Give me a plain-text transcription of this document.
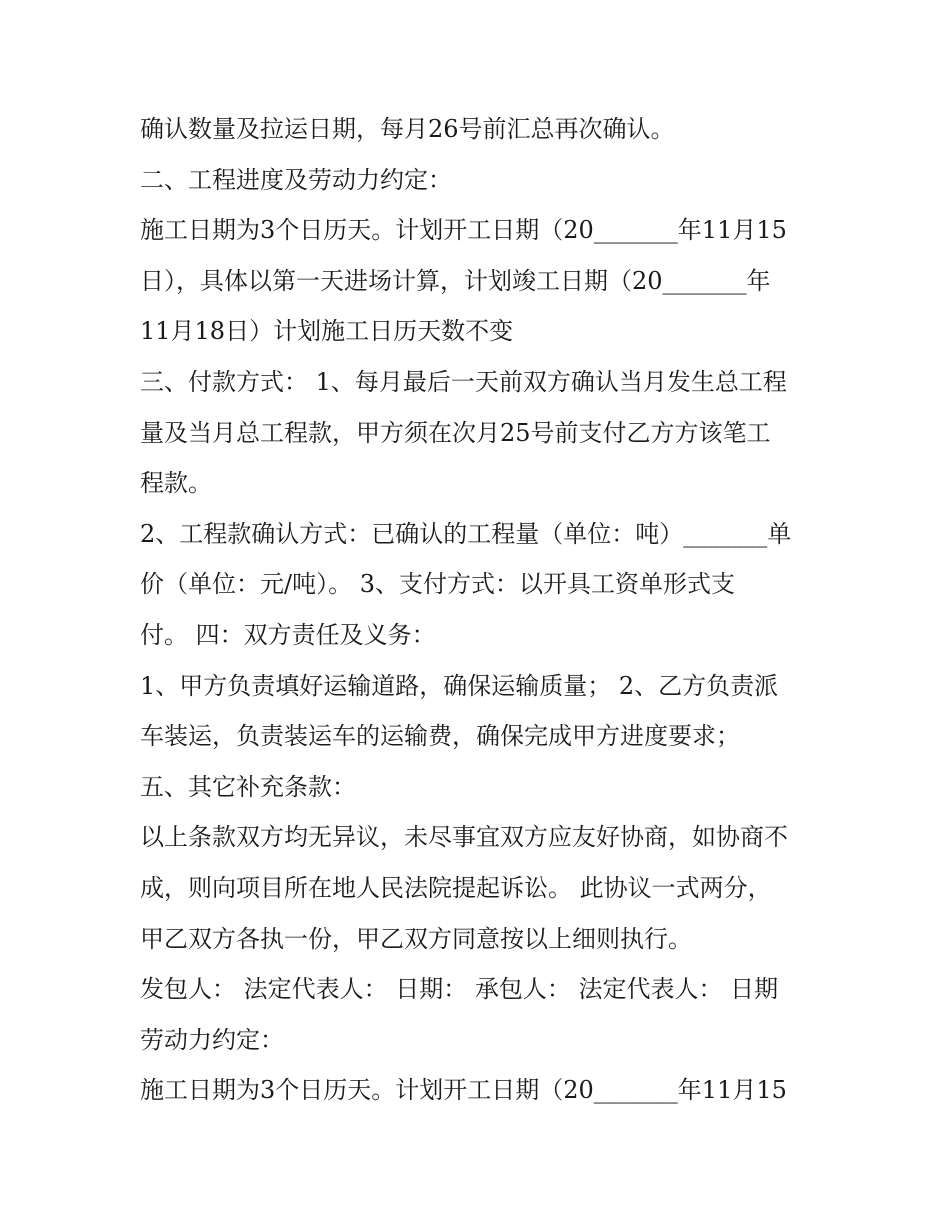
确认数量及拉运日期，每月26号前汇总再次确认。
二、工程进度及劳动力约定：
施工日期为3个日历天。计划开工日期（20_______年11月15
日），具体以第一天进场计算，计划竣工日期（20_______年
11月18日）计划施工日历天数不变
三、付款方式： 1、每月最后一天前双方确认当月发生总工程
量及当月总工程款，甲方须在次月25号前支付乙方方该笔工
程款。
2、工程款确认方式：已确认的工程量（单位：吨）_______单
价（单位：元/吨）。 3、支付方式：以开具工资单形式支
付。 四：双方责任及义务：
1、甲方负责填好运输道路，确保运输质量； 2、乙方负责派
车装运，负责装运车的运输费，确保完成甲方进度要求；
五、其它补充条款：
以上条款双方均无异议，未尽事宜双方应友好协商，如协商不
成，则向项目所在地人民法院提起诉讼。 此协议一式两分，
甲乙双方各执一份，甲乙双方同意按以上细则执行。
发包人： 法定代表人： 日期： 承包人： 法定代表人： 日期
劳动力约定：
施工日期为3个日历天。计划开工日期（20_______年11月15
